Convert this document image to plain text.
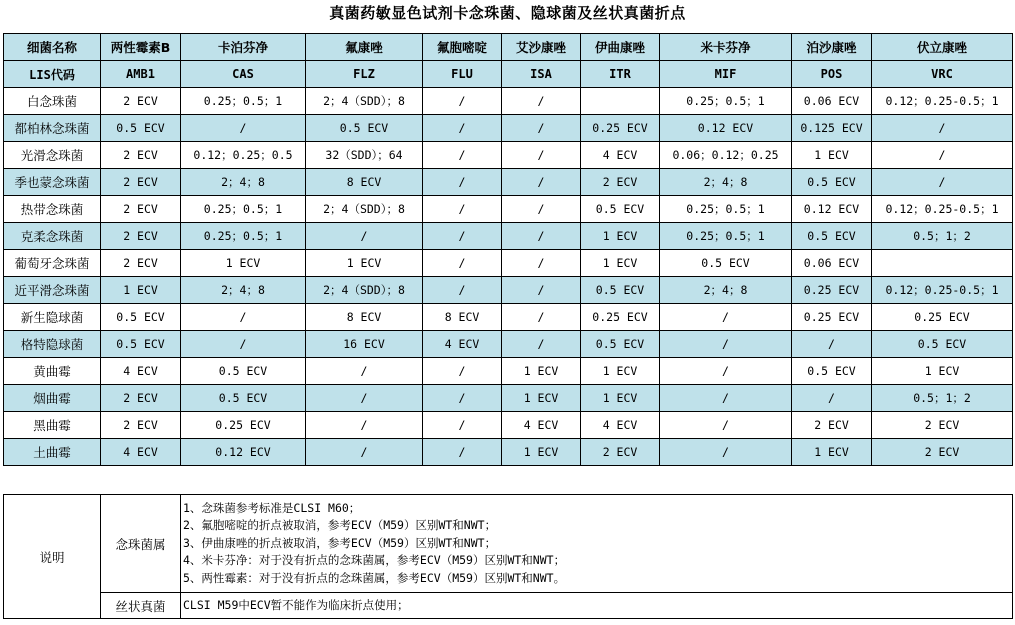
真菌药敏显色试剂卡念珠菌、隐球菌及丝状真菌折点
细菌名称	两性霉素B	卡泊芬净	氟康唑	氟胞嘧啶	艾沙康唑	伊曲康唑	米卡芬净	泊沙康唑	伏立康唑
LIS代码	AMB1	CAS	FLZ	FLU	ISA	ITR	MIF	POS	VRC
白念珠菌	2 ECV	0.25；0.5；1	2；4（SDD）；8	/	/		0.25；0.5；1	0.06 ECV	0.12；0.25-0.5；1
都柏林念珠菌	0.5 ECV	/	0.5 ECV	/	/	0.25 ECV	0.12 ECV	0.125 ECV	/
光滑念珠菌	2 ECV	0.12；0.25；0.5	32（SDD）；64	/	/	4 ECV	0.06；0.12；0.25	1 ECV	/
季也蒙念珠菌	2 ECV	2；4；8	8 ECV	/	/	2 ECV	2；4；8	0.5 ECV	/
热带念珠菌	2 ECV	0.25；0.5；1	2；4（SDD）；8	/	/	0.5 ECV	0.25；0.5；1	0.12 ECV	0.12；0.25-0.5；1
克柔念珠菌	2 ECV	0.25；0.5；1	/	/	/	1 ECV	0.25；0.5；1	0.5 ECV	0.5；1；2
葡萄牙念珠菌	2 ECV	1 ECV	1 ECV	/	/	1 ECV	0.5 ECV	0.06 ECV	
近平滑念珠菌	1 ECV	2；4；8	2；4（SDD）；8	/	/	0.5 ECV	2；4；8	0.25 ECV	0.12；0.25-0.5；1
新生隐球菌	0.5 ECV	/	8 ECV	8 ECV	/	0.25 ECV	/	0.25 ECV	0.25 ECV
格特隐球菌	0.5 ECV	/	16 ECV	4 ECV	/	0.5 ECV	/	/	0.5 ECV
黄曲霉	4 ECV	0.5 ECV	/	/	1 ECV	1 ECV	/	0.5 ECV	1 ECV
烟曲霉	2 ECV	0.5 ECV	/	/	1 ECV	1 ECV	/	/	0.5；1；2
黑曲霉	2 ECV	0.25 ECV	/	/	4 ECV	4 ECV	/	2 ECV	2 ECV
土曲霉	4 ECV	0.12 ECV	/	/	1 ECV	2 ECV	/	1 ECV	2 ECV
说明	念珠菌属	1、念珠菌参考标准是CLSI M60；
2、氟胞嘧啶的折点被取消，参考ECV（M59）区别WT和NWT；
3、伊曲康唑的折点被取消，参考ECV（M59）区别WT和NWT；
4、米卡芬净：对于没有折点的念珠菌属，参考ECV（M59）区别WT和NWT；
5、两性霉素：对于没有折点的念珠菌属，参考ECV（M59）区别WT和NWT。

	丝状真菌	CLSI M59中ECV暂不能作为临床折点使用；
